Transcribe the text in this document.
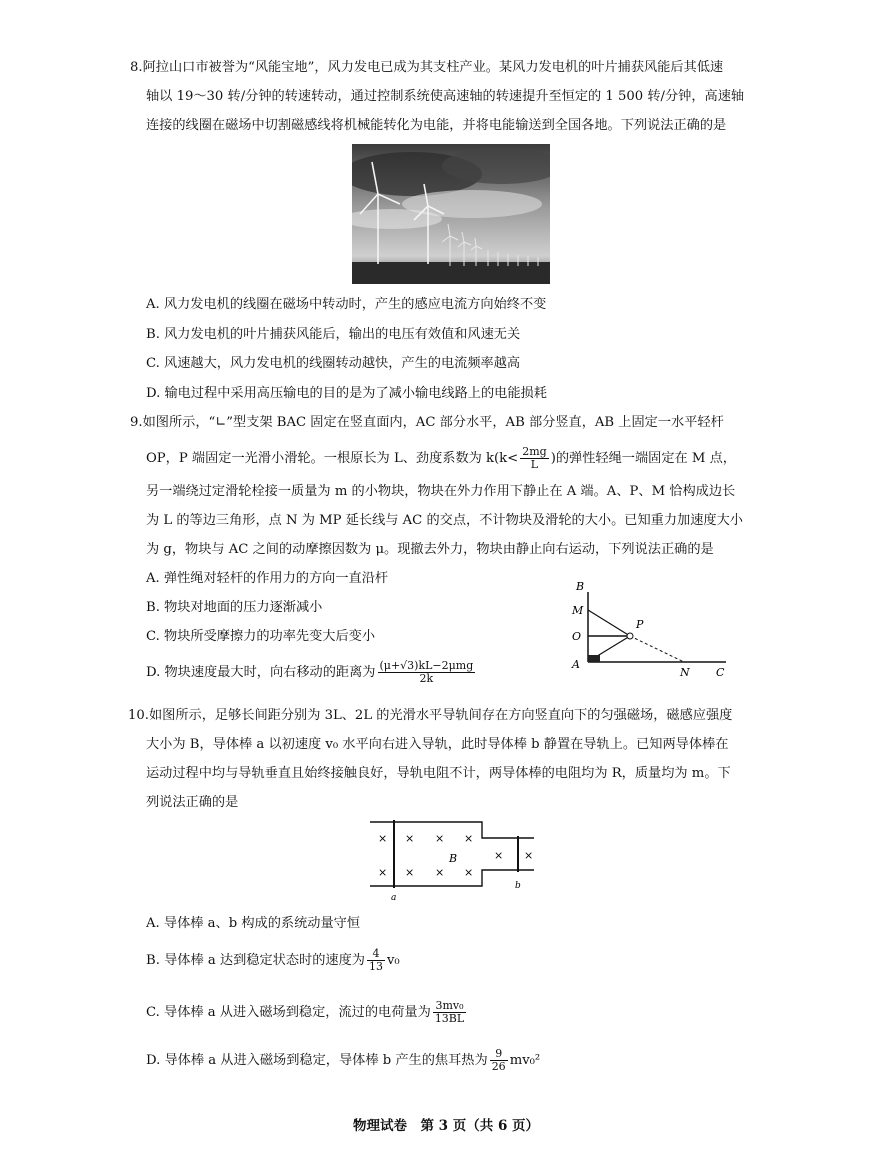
8.阿拉山口市被誉为“风能宝地”，风力发电已成为其支柱产业。某风力发电机的叶片捕获风能后其低速
轴以 19～30 转/分钟的转速转动，通过控制系统使高速轴的转速提升至恒定的 1 500 转/分钟，高速轴
连接的线圈在磁场中切割磁感线将机械能转化为电能，并将电能输送到全国各地。下列说法正确的是
A. 风力发电机的线圈在磁场中转动时，产生的感应电流方向始终不变
B. 风力发电机的叶片捕获风能后，输出的电压有效值和风速无关
C. 风速越大，风力发电机的线圈转动越快，产生的电流频率越高
D. 输电过程中采用高压输电的目的是为了减小输电线路上的电能损耗
9.如图所示，“∟”型支架 BAC 固定在竖直面内，AC 部分水平，AB 部分竖直，AB 上固定一水平轻杆
OP，P 端固定一光滑小滑轮。一根原长为 L、劲度系数为 $k(k< \frac{2mg}{L}$ )的弹性轻绳一端固定在 M 点，
另一端绕过定滑轮栓接一质量为 m 的小物块，物块在外力作用下静止在 A 端。A、P、M 恰构成边长
为 L 的等边三角形，点 N 为 MP 延长线与 AC 的交点，不计物块及滑轮的大小。已知重力加速度大小
为 g，物块与 AC 之间的动摩擦因数为 μ。现撤去外力，物块由静止向右运动，下列说法正确的是
A. 弹性绳对轻杆的作用力的方向一直沿杆
B. 物块对地面的压力逐渐减小
C. 物块所受摩擦力的功率先变大后变小
D. 物块速度最大时，向右移动的距离为 $\frac{\text{(μ+√3)kL−2μmg}}{2k}$
B
M
O
P
A
N C
10.如图所示，足够长间距分别为 3L、2L 的光滑水平导轨间存在方向竖直向下的匀强磁场，磁感应强度
大小为 B，导体棒 a 以初速度 v₀ 水平向右进入导轨，此时导体棒 b 静置在导轨上。已知两导体棒在
运动过程中均与导轨垂直且始终接触良好，导轨电阻不计，两导体棒的电阻均为 R，质量均为 m。下
列说法正确的是
× × × ×
× × × ×
× ×
B
a
b
A. 导体棒 a、b 构成的系统动量守恒
B. 导体棒 a 达到稳定状态时的速度为 $\frac{4}{13} v_0$
C. 导体棒 a 从进入磁场到稳定，流过的电荷量为 $\frac{\text{3mv₀}}{13BL}$
D. 导体棒 a 从进入磁场到稳定，导体棒 b 产生的焦耳热为 $\frac{9}{26} mv_0^2$
物理试卷　第 3 页（共 6 页）
